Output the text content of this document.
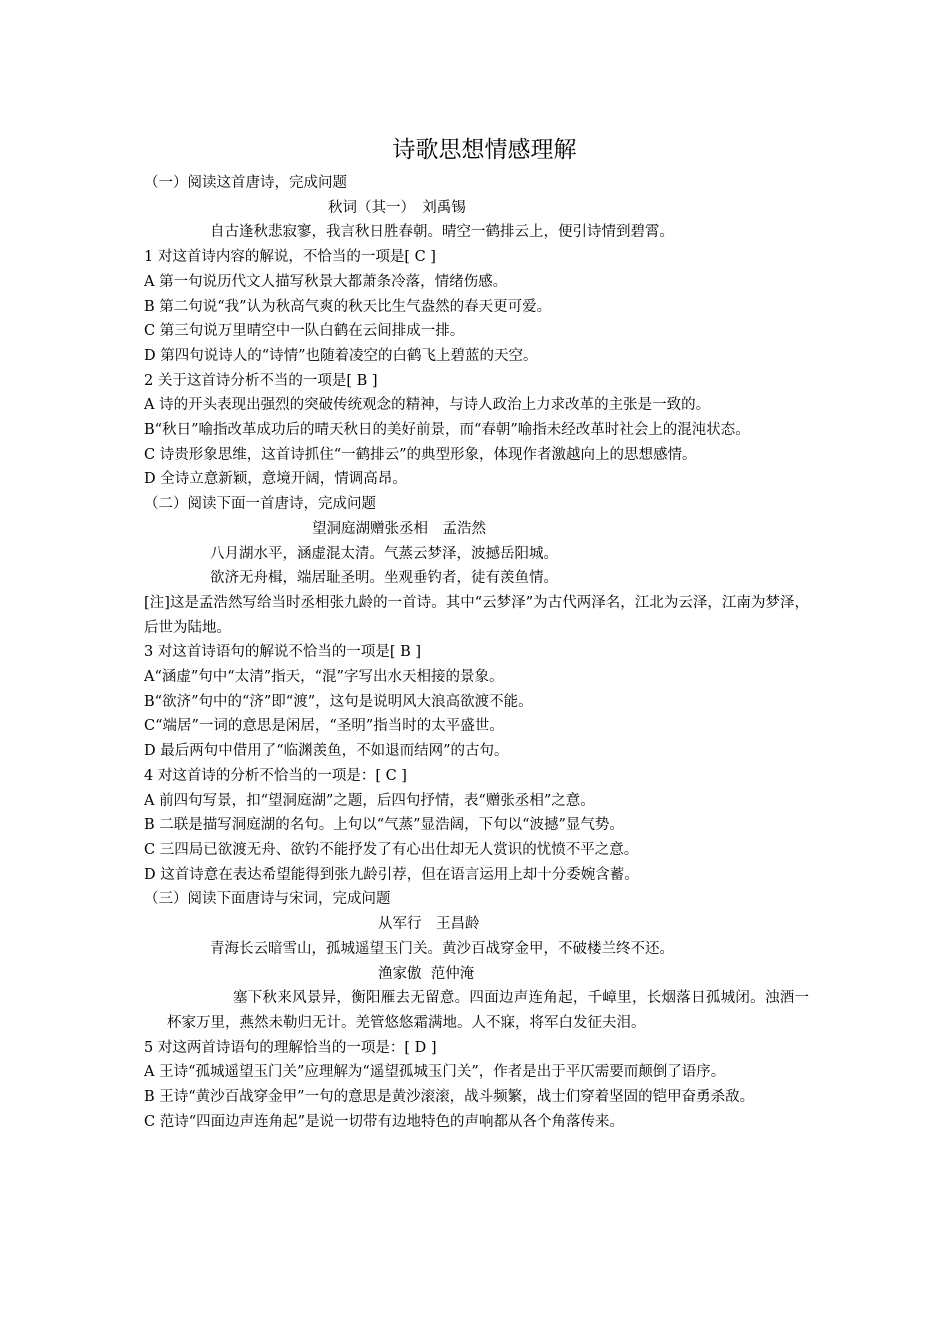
诗歌思想情感理解
（一）阅读这首唐诗，完成问题
秋词（其一）　刘禹锡
自古逢秋悲寂寥，我言秋日胜春朝。晴空一鹤排云上，便引诗情到碧霄。
1 对这首诗内容的解说，不恰当的一项是[ C ]
A 第一句说历代文人描写秋景大都萧条冷落，情绪伤感。
B 第二句说“我”认为秋高气爽的秋天比生气盎然的春天更可爱。
C 第三句说万里晴空中一队白鹤在云间排成一排。
D 第四句说诗人的“诗情”也随着凌空的白鹤飞上碧蓝的天空。
2 关于这首诗分析不当的一项是[ B ]
A 诗的开头表现出强烈的突破传统观念的精神，与诗人政治上力求改革的主张是一致的。
B“秋日”喻指改革成功后的晴天秋日的美好前景，而“春朝”喻指未经改革时社会上的混沌状态。
C 诗贵形象思维，这首诗抓住“一鹤排云”的典型形象，体现作者激越向上的思想感情。
D 全诗立意新颖，意境开阔，情调高昂。
（二）阅读下面一首唐诗，完成问题
望洞庭湖赠张丞相　孟浩然
八月湖水平，涵虚混太清。气蒸云梦泽，波撼岳阳城。
欲济无舟楫，端居耻圣明。坐观垂钓者，徒有羡鱼情。
[注]这是孟浩然写给当时丞相张九龄的一首诗。其中“云梦泽”为古代两泽名，江北为云泽，江南为梦泽，后世为陆地。
3 对这首诗语句的解说不恰当的一项是[ B ]
A“涵虚”句中“太清”指天，“混”字写出水天相接的景象。
B“欲济”句中的“济”即“渡”，这句是说明风大浪高欲渡不能。
C“端居”一词的意思是闲居，“圣明”指当时的太平盛世。
D 最后两句中借用了“临渊羡鱼，不如退而结网”的古句。
4 对这首诗的分析不恰当的一项是：[ C ]
A 前四句写景，扣“望洞庭湖”之题，后四句抒情，表“赠张丞相”之意。
B 二联是描写洞庭湖的名句。上句以“气蒸”显浩阔，下句以“波撼”显气势。
C 三四局已欲渡无舟、欲钓不能抒发了有心出仕却无人赏识的忧愤不平之意。
D 这首诗意在表达希望能得到张九龄引荐，但在语言运用上却十分委婉含蓄。
（三）阅读下面唐诗与宋词，完成问题
从军行　王昌龄
青海长云暗雪山，孤城遥望玉门关。黄沙百战穿金甲，不破楼兰终不还。
渔家傲  范仲淹
塞下秋来风景异，衡阳雁去无留意。四面边声连角起，千嶂里，长烟落日孤城闭。浊酒一杯家万里，燕然未勒归无计。羌管悠悠霜满地。人不寐，将军白发征夫泪。
5 对这两首诗语句的理解恰当的一项是：[ D ]
A 王诗“孤城遥望玉门关”应理解为“遥望孤城玉门关”，作者是出于平仄需要而颠倒了语序。
B 王诗“黄沙百战穿金甲”一句的意思是黄沙滚滚，战斗频繁，战士们穿着坚固的铠甲奋勇杀敌。
C 范诗“四面边声连角起”是说一切带有边地特色的声响都从各个角落传来。
